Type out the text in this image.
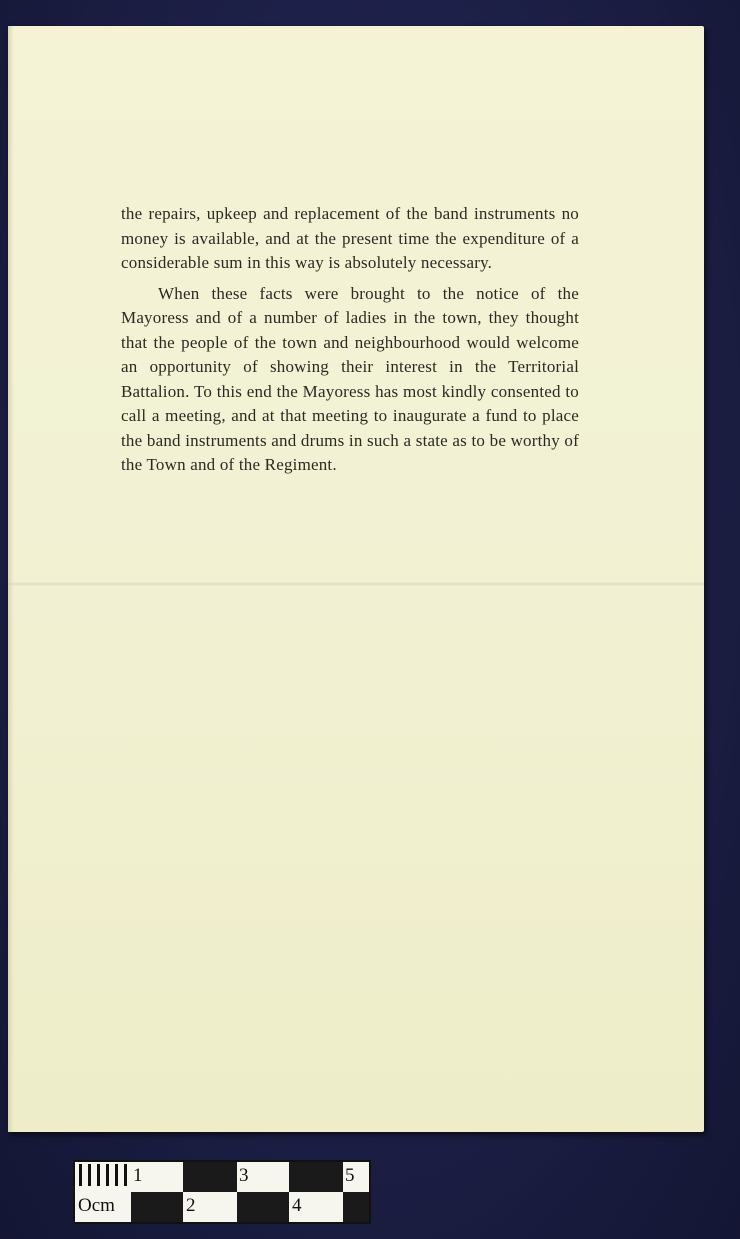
the repairs, upkeep and replacement of the band instruments no money is available, and at the present time the expenditure of a considerable sum in this way is absolutely necessary.

When these facts were brought to the notice of the Mayoress and of a number of ladies in the town, they thought that the people of the town and neighbourhood would welcome an opportunity of showing their interest in the Territorial Battalion. To this end the Mayoress has most kindly consented to call a meeting, and at that meeting to inaugurate a fund to place the band instruments and drums in such a state as to be worthy of the Town and of the Regiment.

1	3	5
Ocm	2	4
